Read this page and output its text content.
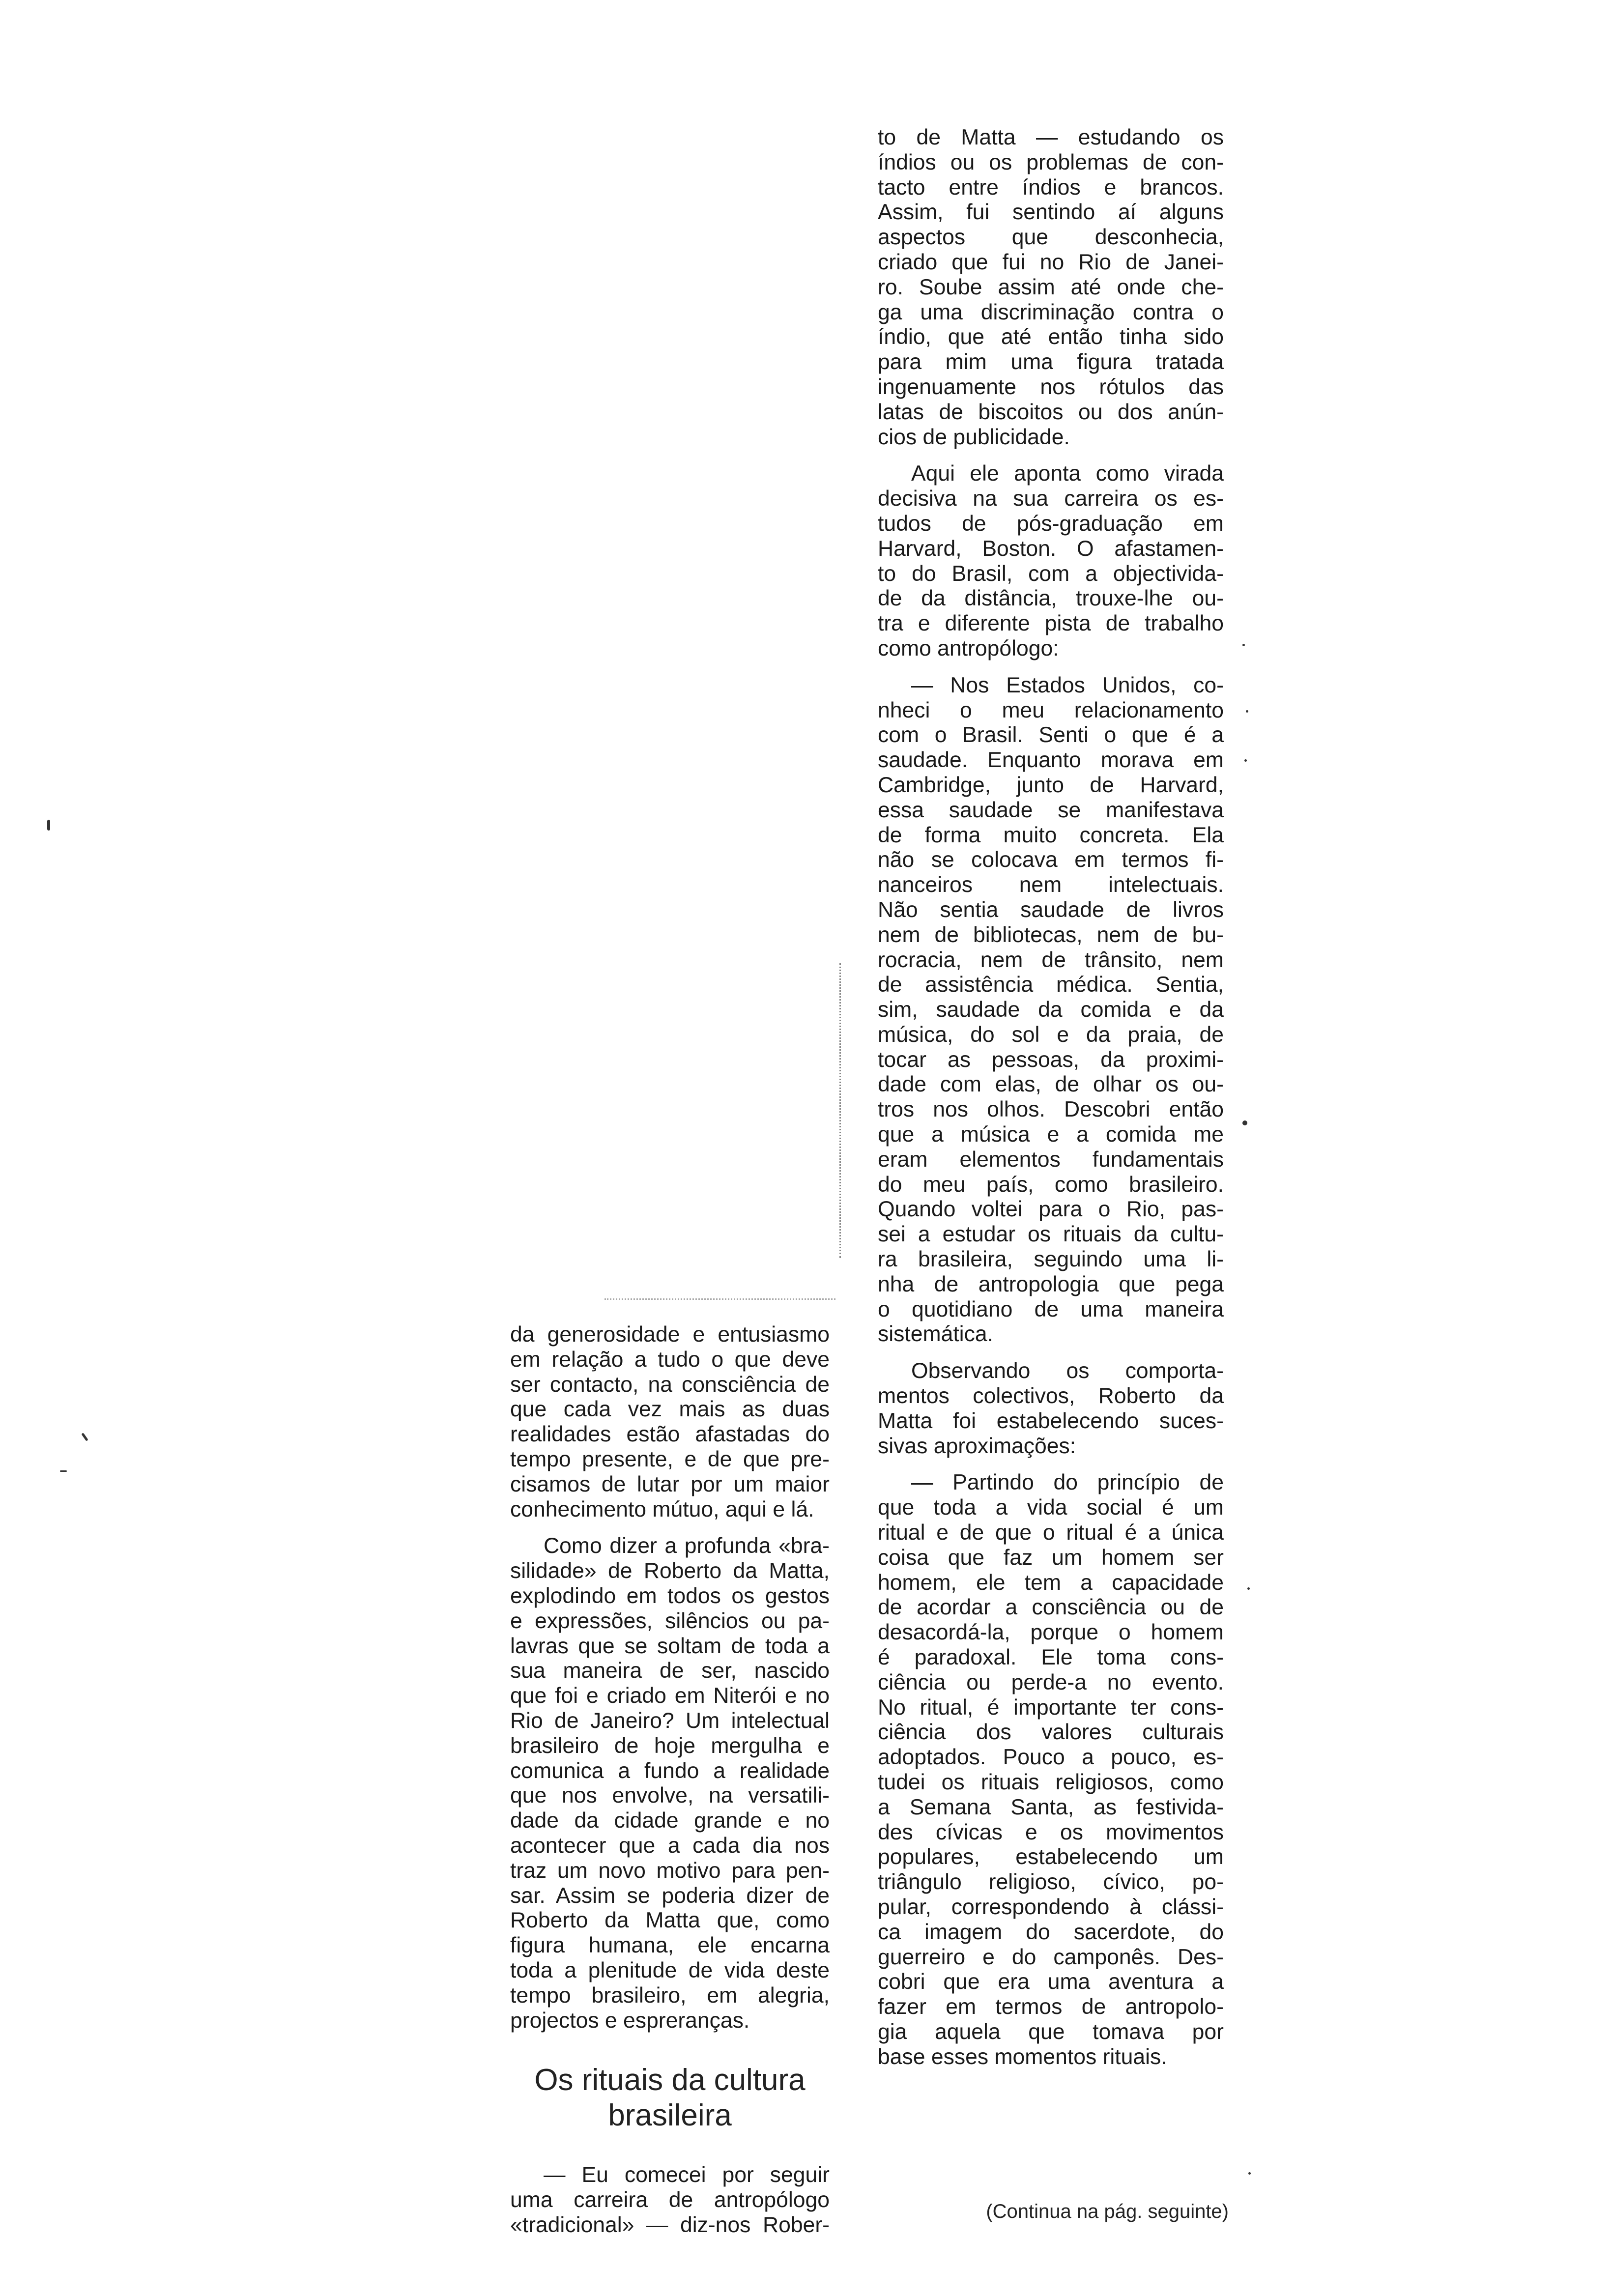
da generosidade e entusiasmo
em relação a tudo o que deve
ser contacto, na consciência de
que cada vez mais as duas
realidades estão afastadas do
tempo presente, e de que pre-
cisamos de lutar por um maior
conhecimento mútuo, aqui e lá.

Como dizer a profunda «bra-
silidade» de Roberto da Matta,
explodindo em todos os gestos
e expressões, silêncios ou pa-
lavras que se soltam de toda a
sua maneira de ser, nascido
que foi e criado em Niterói e no
Rio de Janeiro? Um intelectual
brasileiro de hoje mergulha e
comunica a fundo a realidade
que nos envolve, na versatili-
dade da cidade grande e no
acontecer que a cada dia nos
traz um novo motivo para pen-
sar. Assim se poderia dizer de
Roberto da Matta que, como
figura humana, ele encarna
toda a plenitude de vida deste
tempo brasileiro, em alegria,
projectos e espreranças.

Os rituais da cultura
brasileira

— Eu comecei por seguir
uma carreira de antropólogo
«tradicional» — diz-nos Rober-

to de Matta — estudando os
índios ou os problemas de con-
tacto entre índios e brancos.
Assim, fui sentindo aí alguns
aspectos que desconhecia,
criado que fui no Rio de Janei-
ro. Soube assim até onde che-
ga uma discriminação contra o
índio, que até então tinha sido
para mim uma figura tratada
ingenuamente nos rótulos das
latas de biscoitos ou dos anún-
cios de publicidade.

Aqui ele aponta como virada
decisiva na sua carreira os es-
tudos de pós-graduação em
Harvard, Boston. O afastamen-
to do Brasil, com a objectivida-
de da distância, trouxe-lhe ou-
tra e diferente pista de trabalho
como antropólogo:

— Nos Estados Unidos, co-
nheci o meu relacionamento
com o Brasil. Senti o que é a
saudade. Enquanto morava em
Cambridge, junto de Harvard,
essa saudade se manifestava
de forma muito concreta. Ela
não se colocava em termos fi-
nanceiros nem intelectuais.
Não sentia saudade de livros
nem de bibliotecas, nem de bu-
rocracia, nem de trânsito, nem
de assistência médica. Sentia,
sim, saudade da comida e da
música, do sol e da praia, de
tocar as pessoas, da proximi-
dade com elas, de olhar os ou-
tros nos olhos. Descobri então
que a música e a comida me
eram elementos fundamentais
do meu país, como brasileiro.
Quando voltei para o Rio, pas-
sei a estudar os rituais da cultu-
ra brasileira, seguindo uma li-
nha de antropologia que pega
o quotidiano de uma maneira
sistemática.

Observando os comporta-
mentos colectivos, Roberto da
Matta foi estabelecendo suces-
sivas aproximações:

— Partindo do princípio de
que toda a vida social é um
ritual e de que o ritual é a única
coisa que faz um homem ser
homem, ele tem a capacidade
de acordar a consciência ou de
desacordá-la, porque o homem
é paradoxal. Ele toma cons-
ciência ou perde-a no evento.
No ritual, é importante ter cons-
ciência dos valores culturais
adoptados. Pouco a pouco, es-
tudei os rituais religiosos, como
a Semana Santa, as festivida-
des cívicas e os movimentos
populares, estabelecendo um
triângulo religioso, cívico, po-
pular, correspondendo à clássi-
ca imagem do sacerdote, do
guerreiro e do camponês. Des-
cobri que era uma aventura a
fazer em termos de antropolo-
gia aquela que tomava por
base esses momentos rituais.

(Continua na pág. seguinte)
